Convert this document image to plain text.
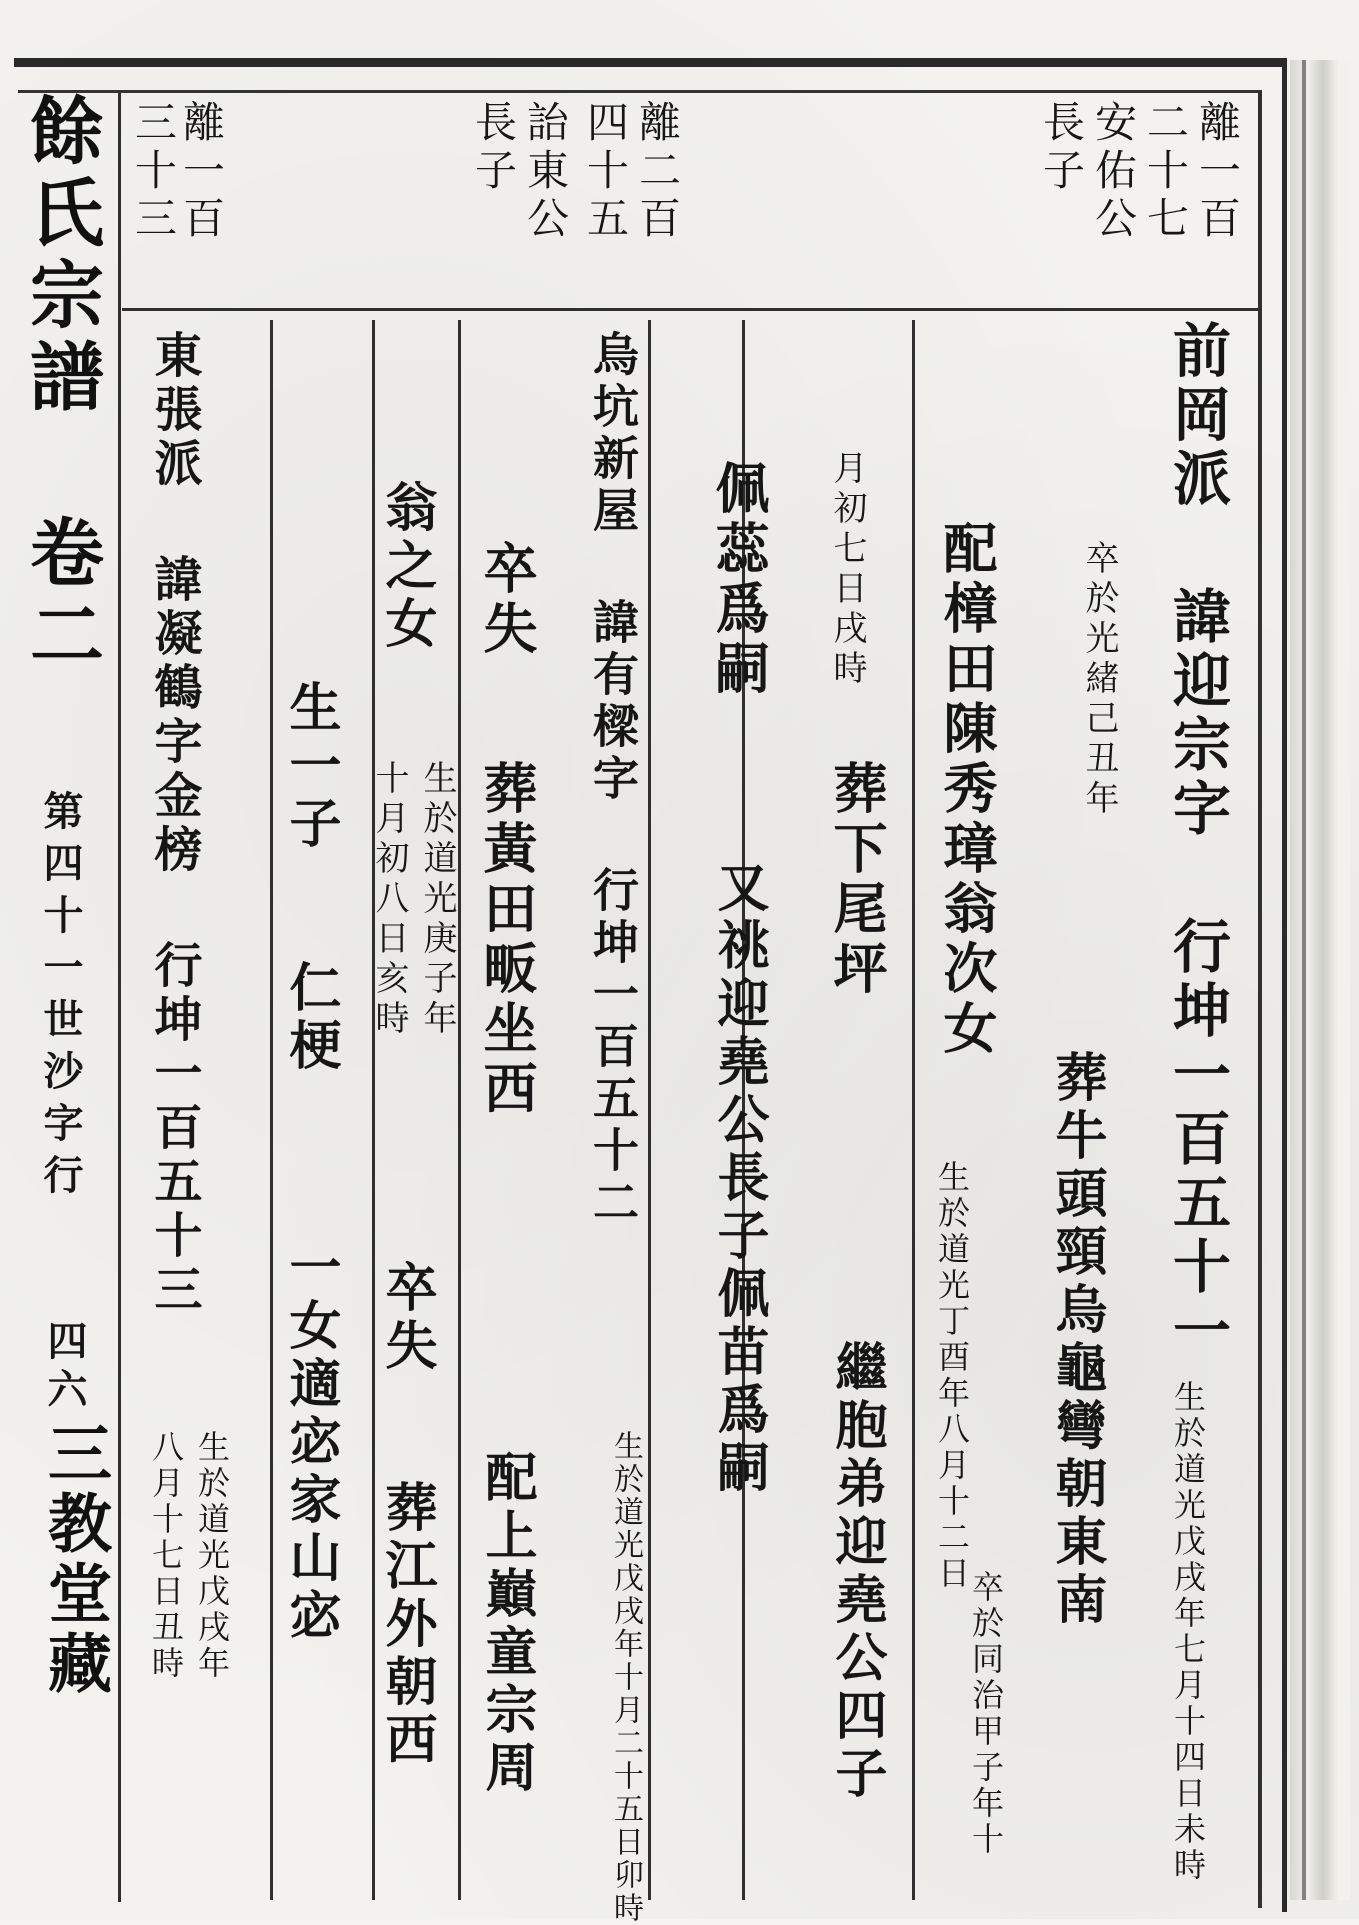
餘氏宗譜 卷二
第四十一世沙字行
四六
三教堂藏
離一百
二十七
安佑公
長子
離二百
四十五
詒東公
長子
離一百
三十三
前岡派 諱迎宗字 行坤一百五十一
生於道光戊戌年七月十四日未時
卒於光緒己丑年
葬牛頭頸烏龜彎朝東南
配樟田陳秀璋翁次女
生於道光丁酉年八月十二日
卒於同治甲子年十
月初七日戌時
葬下尾坪
繼胞弟迎堯公四子
佩蕊爲嗣
又祧迎堯公長子佩苗爲嗣
烏坑新屋 諱有樑字 行坤一百五十二
生於道光戊戌年十月二十五日卯時
卒失
葬黃田畈坐西
配上巔童宗周
翁之女
生於道光庚子年
十月初八日亥時
卒失
葬江外朝西
生一子
仁梗
一女適宓家山宓
東張派 諱凝鶴字金榜 行坤一百五十三
生於道光戊戌年
八月十七日丑時
